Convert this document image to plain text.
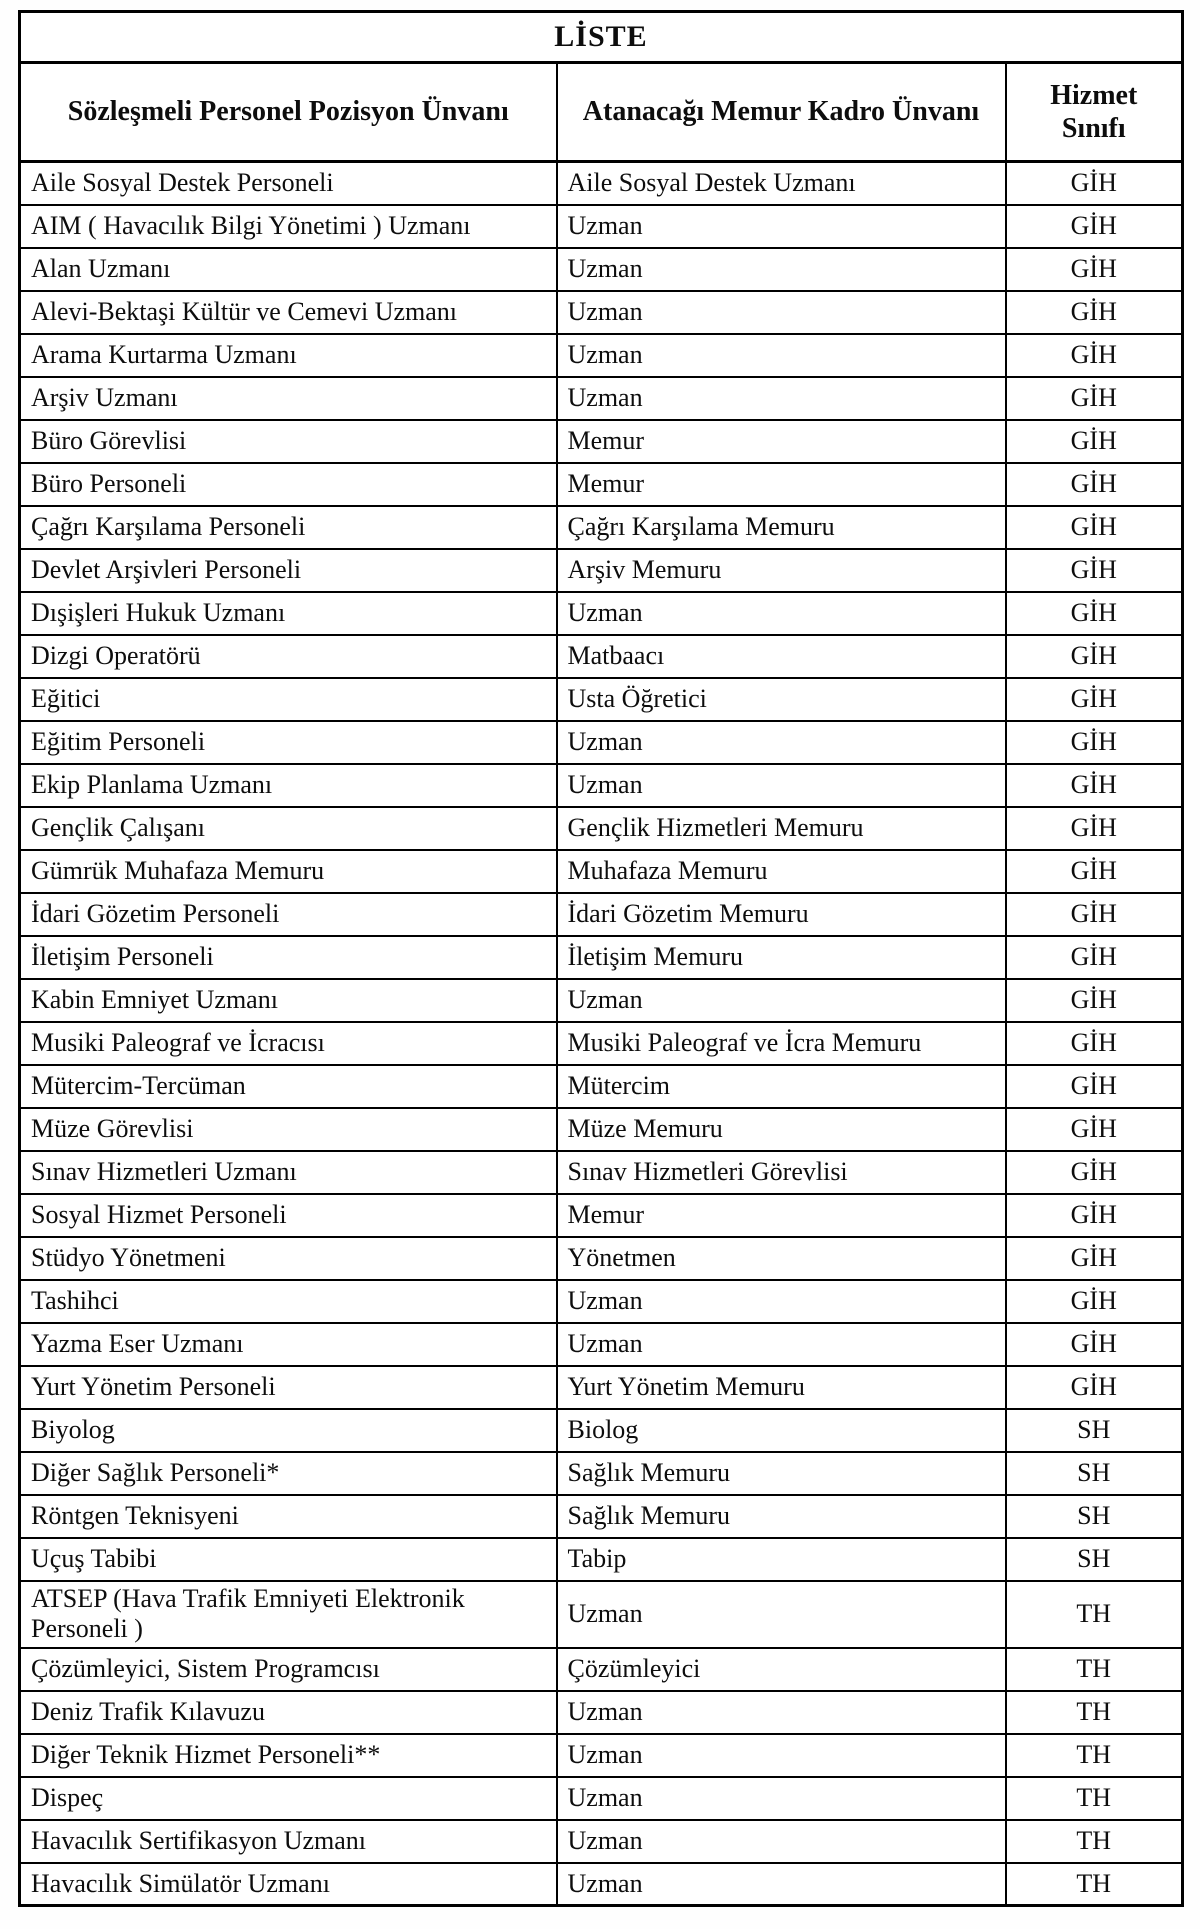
LİSTE		
Sözleşmeli Personel Pozisyon Ünvanı	Atanacağı Memur Kadro Ünvanı	Hizmet Sınıfı
Aile Sosyal Destek Personeli	Aile Sosyal Destek Uzmanı	GİH
AIM ( Havacılık Bilgi Yönetimi ) Uzmanı	Uzman	GİH
Alan Uzmanı	Uzman	GİH
Alevi-Bektaşi Kültür ve Cemevi Uzmanı	Uzman	GİH
Arama Kurtarma Uzmanı	Uzman	GİH
Arşiv Uzmanı	Uzman	GİH
Büro Görevlisi	Memur	GİH
Büro Personeli	Memur	GİH
Çağrı Karşılama Personeli	Çağrı Karşılama Memuru	GİH
Devlet Arşivleri Personeli	Arşiv Memuru	GİH
Dışişleri Hukuk Uzmanı	Uzman	GİH
Dizgi Operatörü	Matbaacı	GİH
Eğitici	Usta Öğretici	GİH
Eğitim Personeli	Uzman	GİH
Ekip Planlama Uzmanı	Uzman	GİH
Gençlik Çalışanı	Gençlik Hizmetleri Memuru	GİH
Gümrük Muhafaza Memuru	Muhafaza Memuru	GİH
İdari Gözetim Personeli	İdari Gözetim Memuru	GİH
İletişim Personeli	İletişim Memuru	GİH
Kabin Emniyet Uzmanı	Uzman	GİH
Musiki Paleograf ve İcracısı	Musiki Paleograf ve İcra Memuru	GİH
Mütercim-Tercüman	Mütercim	GİH
Müze Görevlisi	Müze Memuru	GİH
Sınav Hizmetleri Uzmanı	Sınav Hizmetleri Görevlisi	GİH
Sosyal Hizmet Personeli	Memur	GİH
Stüdyo Yönetmeni	Yönetmen	GİH
Tashihci	Uzman	GİH
Yazma Eser Uzmanı	Uzman	GİH
Yurt Yönetim Personeli	Yurt Yönetim Memuru	GİH
Biyolog	Biolog	SH
Diğer Sağlık Personeli*	Sağlık Memuru	SH
Röntgen Teknisyeni	Sağlık Memuru	SH
Uçuş Tabibi	Tabip	SH
ATSEP (Hava Trafik Emniyeti Elektronik Personeli )	Uzman	TH
Çözümleyici, Sistem Programcısı	Çözümleyici	TH
Deniz Trafik Kılavuzu	Uzman	TH
Diğer Teknik Hizmet Personeli**	Uzman	TH
Dispeç	Uzman	TH
Havacılık Sertifikasyon Uzmanı	Uzman	TH
Havacılık Simülatör Uzmanı	Uzman	TH
